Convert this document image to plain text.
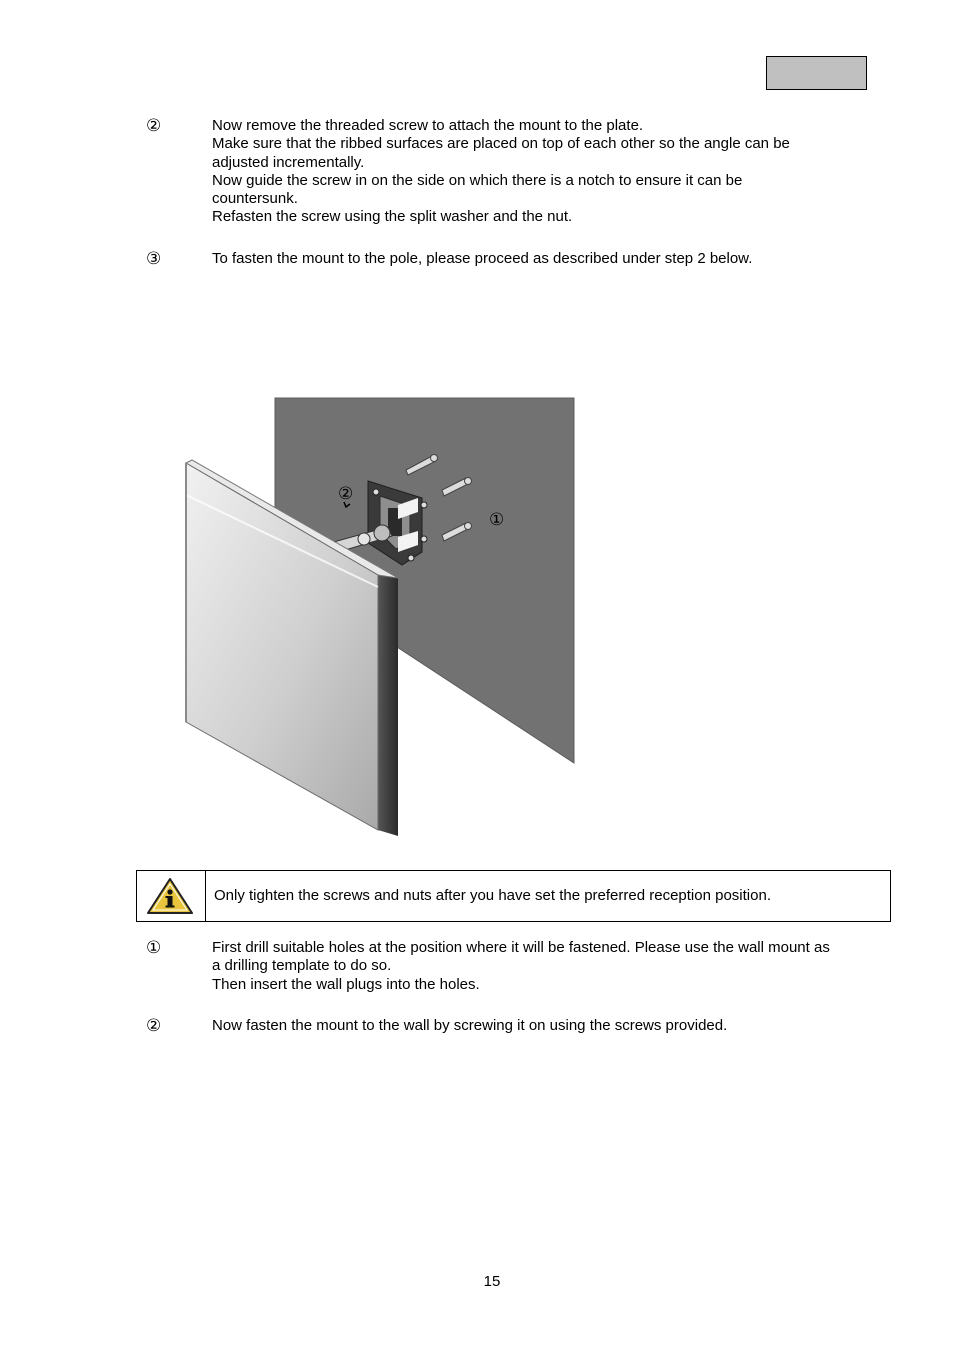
②	Now remove the threaded screw to attach the mount to the plate.
Make sure that the ribbed surfaces are placed on top of each other so the angle can be
adjusted incrementally.
Now guide the screw in on the side on which there is a notch to ensure it can be
countersunk.
Refasten the screw using the split washer and the nut.
③	To fasten the mount to the pole, please proceed as described under step 2 below.
②
①
Only tighten the screws and nuts after you have set the preferred reception position.
①	First drill suitable holes at the position where it will be fastened. Please use the wall mount as
a drilling template to do so.
Then insert the wall plugs into the holes.
②	Now fasten the mount to the wall by screwing it on using the screws provided.
15
